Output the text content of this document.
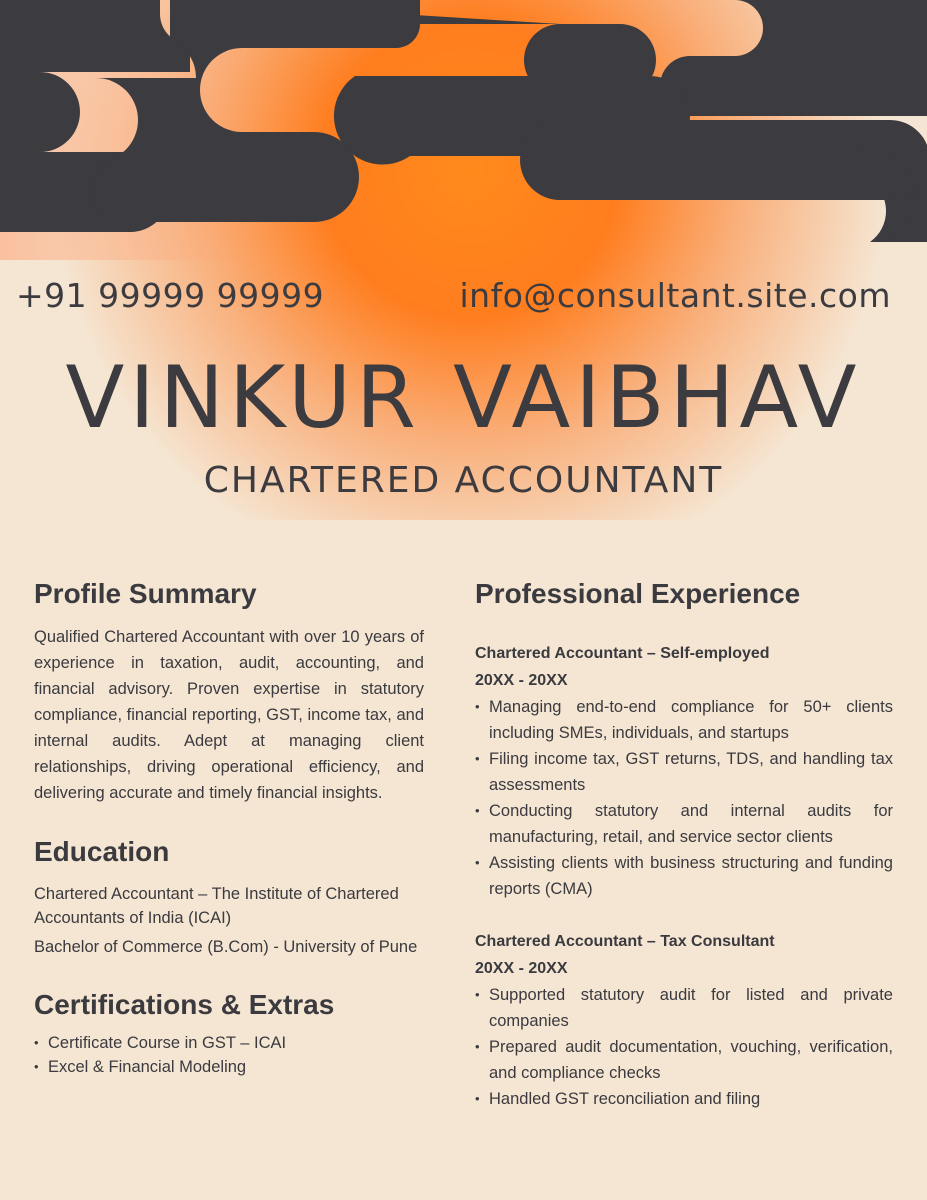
+91 99999 99999	info@consultant.site.com
VINKUR VAIBHAV
CHARTERED ACCOUNTANT
Profile Summary

Qualified Chartered Accountant with over 10 years of experience in taxation, audit, accounting, and financial advisory. Proven expertise in statutory compliance, financial reporting, GST, income tax, and internal audits. Adept at managing client relationships, driving operational efficiency, and delivering accurate and timely financial insights.

Education

Chartered Accountant – The Institute of Chartered Accountants of India (ICAI)

Bachelor of Commerce (B.Com) - University of Pune

Certifications & Extras
• Certificate Course in GST – ICAI
• Excel & Financial Modeling
Professional Experience

Chartered Accountant – Self-employed

20XX - 20XX

• Managing end-to-end compliance for 50+ clients including SMEs, individuals, and startups
• Filing income tax, GST returns, TDS, and handling tax assessments
• Conducting statutory and internal audits for manufacturing, retail, and service sector clients
• Assisting clients with business structuring and funding reports (CMA)

Chartered Accountant – Tax Consultant

20XX - 20XX

• Supported statutory audit for listed and private companies
• Prepared audit documentation, vouching, verification, and compliance checks
• Handled GST reconciliation and filing
